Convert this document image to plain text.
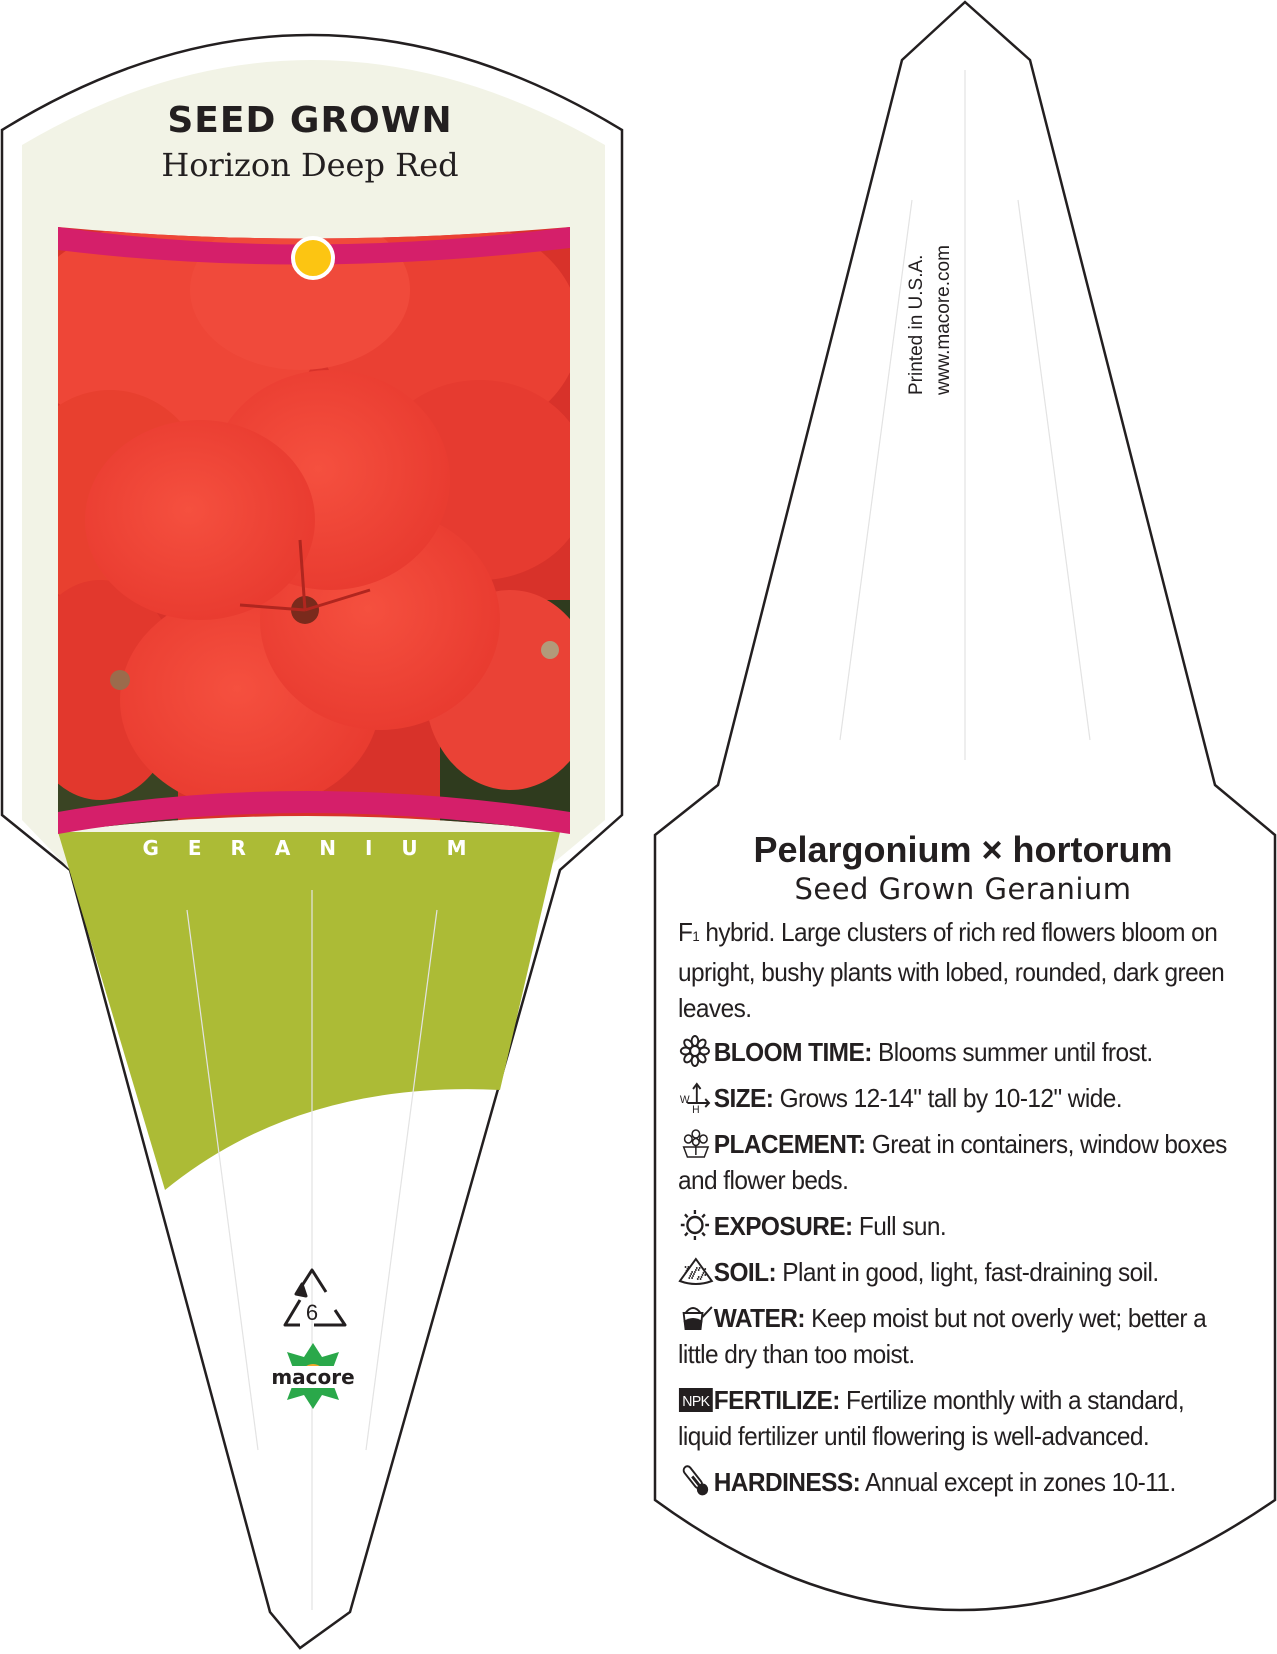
6
macore
SEED GROWN
Horizon Deep Red
G E R A N I U M
Printed in U.S.A. www.macore.com
Pelargonium × hortorum
Seed Grown Geranium
F1 hybrid. Large clusters of rich red flowers bloom on upright, bushy plants with lobed, rounded, dark green leaves.
BLOOM TIME: Blooms summer until frost.
W
H SIZE: Grows 12-14" tall by 10-12" wide.
PLACEMENT: Great in containers, window boxes and flower beds.
EXPOSURE: Full sun.
SOIL: Plant in good, light, fast-draining soil.
WATER: Keep moist but not overly wet; better a little dry than too moist.
NPK FERTILIZE: Fertilize monthly with a standard, liquid fertilizer until flowering is well-advanced.
HARDINESS: Annual except in zones 10-11.
